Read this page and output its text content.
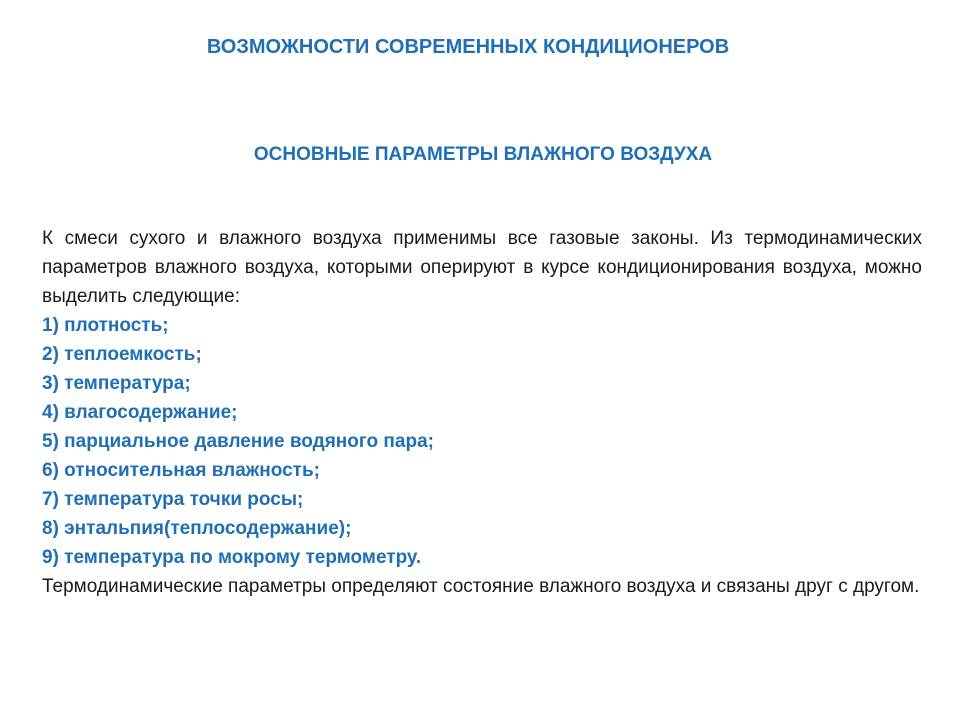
ВОЗМОЖНОСТИ СОВРЕМЕННЫХ КОНДИЦИОНЕРОВ
ОСНОВНЫЕ ПАРАМЕТРЫ ВЛАЖНОГО ВОЗДУХА

К смеси сухого и влажного воздуха применимы все газовые законы. Из термодинамических параметров влажного воздуха, которыми оперируют в курсе кондиционирования воздуха, можно выделить следующие:

1) плотность;
2) теплоемкость;
3) температура;
4) влагосодержание;
5) парциальное давление водяного пара;
6) относительная влажность;
7) температура точки росы;
8) энтальпия(теплосодержание);
9) температура по мокрому термометру.

Термодинамические параметры определяют состояние влажного воздуха и связаны друг с другом.
